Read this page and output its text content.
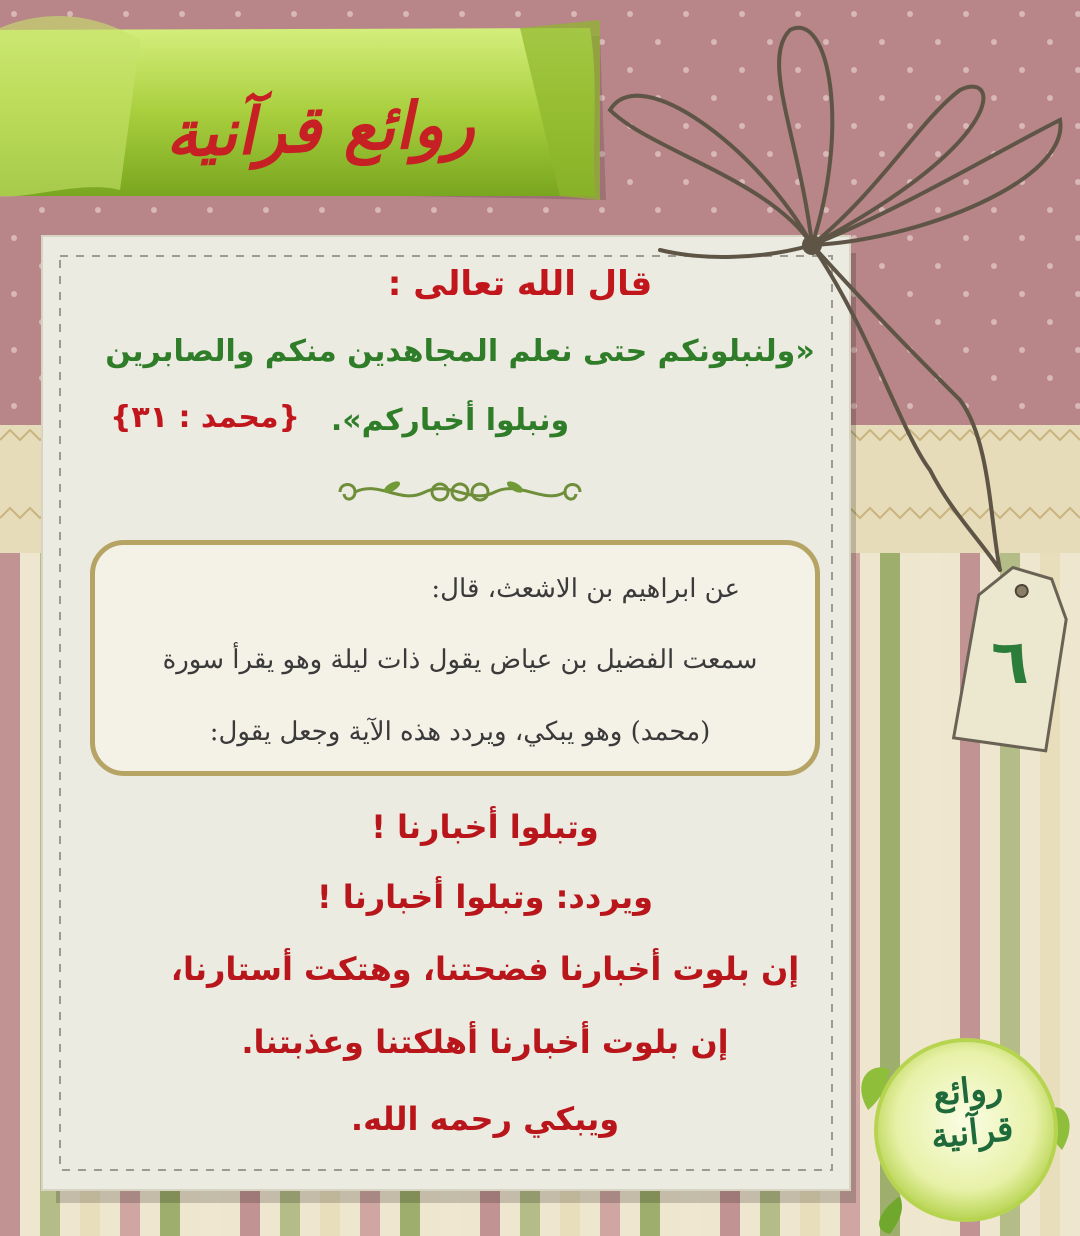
روائع قرآنية
قال الله تعالى :
«ولنبلونكم حتى نعلم المجاهدين منكم والصابرين
ونبلوا أخباركم».
{محمد : ٣١}
عن ابراهيم بن الاشعث، قال:
سمعت الفضيل بن عياض يقول ذات ليلة وهو يقرأ سورة
(محمد) وهو يبكي، ويردد هذه الآية وجعل يقول:
وتبلوا أخبارنا !
ويردد: وتبلوا أخبارنا !
إن بلوت أخبارنا فضحتنا، وهتكت أستارنا،
إن بلوت أخبارنا أهلكتنا وعذبتنا.
ويبكي رحمه الله.
٦
روائع
قرآنية
